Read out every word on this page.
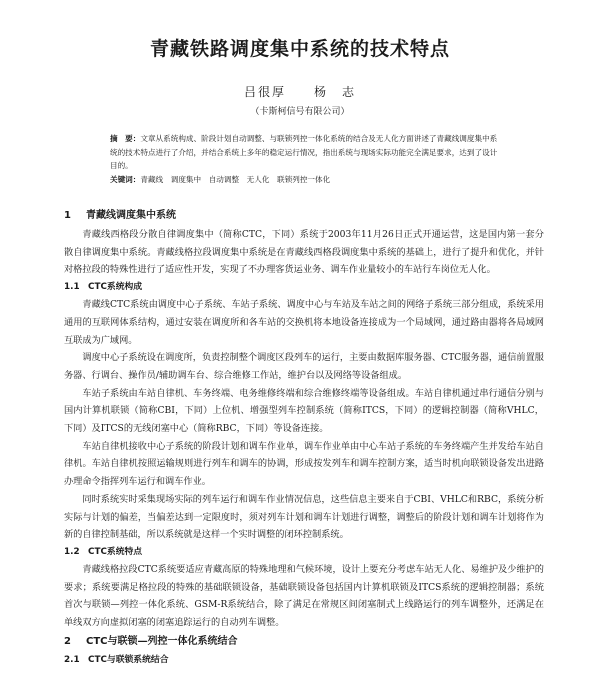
青藏铁路调度集中系统的技术特点
吕很厚　　杨　志
（卡斯柯信号有限公司）

摘　要：文章从系统构成、阶段计划自动调整、与联锁列控一体化系统的结合及无人化方面讲述了青藏线调度集中系统的技术特点进行了介绍，并结合系统上多年的稳定运行情况，指出系统与现场实际功能完全满足要求，达到了设计目的。

关键词：青藏线　调度集中　自动调整　无人化　联锁列控一体化

1 青藏线调度集中系统

青藏线西格段分散自律调度集中（简称CTC，下同）系统于2003年11月26日正式开通运营，这是国内第一套分散自律调度集中系统。青藏线格拉段调度集中系统是在青藏线西格段调度集中系统的基础上，进行了提升和优化，并针对格拉段的特殊性进行了适应性开发，实现了不办理客货运业务、调车作业量较小的车站行车岗位无人化。

1.1 CTC系统构成

青藏线CTC系统由调度中心子系统、车站子系统、调度中心与车站及车站之间的网络子系统三部分组成，系统采用通用的互联网体系结构，通过安装在调度所和各车站的交换机将本地设备连接成为一个局域网，通过路由器将各局域网互联成为广域网。

调度中心子系统设在调度所，负责控制整个调度区段列车的运行，主要由数据库服务器、CTC服务器，通信前置服务器、行调台、操作员/辅助调车台、综合维修工作站，维护台以及网络等设备组成。

车站子系统由车站自律机、车务终端、电务维修终端和综合维修终端等设备组成。车站自律机通过串行通信分别与国内计算机联锁（简称CBI，下同）上位机、增强型列车控制系统（简称ITCS，下同）的逻辑控制器（简称VHLC，下同）及ITCS的无线闭塞中心（简称RBC，下同）等设备连接。

车站自律机接收中心子系统的阶段计划和调车作业单，调车作业单由中心车站子系统的车务终端产生并发给车站自律机。车站自律机按照运输规则进行列车和调车的协调，形成按发列车和调车控制方案，适当时机向联锁设备发出进路办理命令指挥列车运行和调车作业。

同时系统实时采集现场实际的列车运行和调车作业情况信息，这些信息主要来自于CBI、VHLC和RBC，系统分析实际与计划的偏差，当偏差达到一定限度时，须对列车计划和调车计划进行调整，调整后的阶段计划和调车计划将作为新的自律控制基础，所以系统就是这样一个实时调整的闭环控制系统。

1.2 CTC系统特点

青藏线格拉段CTC系统要适应青藏高原的特殊地理和气候环境，设计上要充分考虑车站无人化、易维护及少维护的要求；系统要满足格拉段的特殊的基础联锁设备，基础联锁设备包括国内计算机联锁及ITCS系统的逻辑控制器；系统首次与联锁—列控一体化系统、GSM-R系统结合，除了满足在常规区间闭塞制式上线路运行的列车调整外，还满足在单线双方向虚拟闭塞的闭塞追踪运行的自动列车调整。

2 CTC与联锁—列控一体化系统结合
2.1 CTC与联锁系统结合
